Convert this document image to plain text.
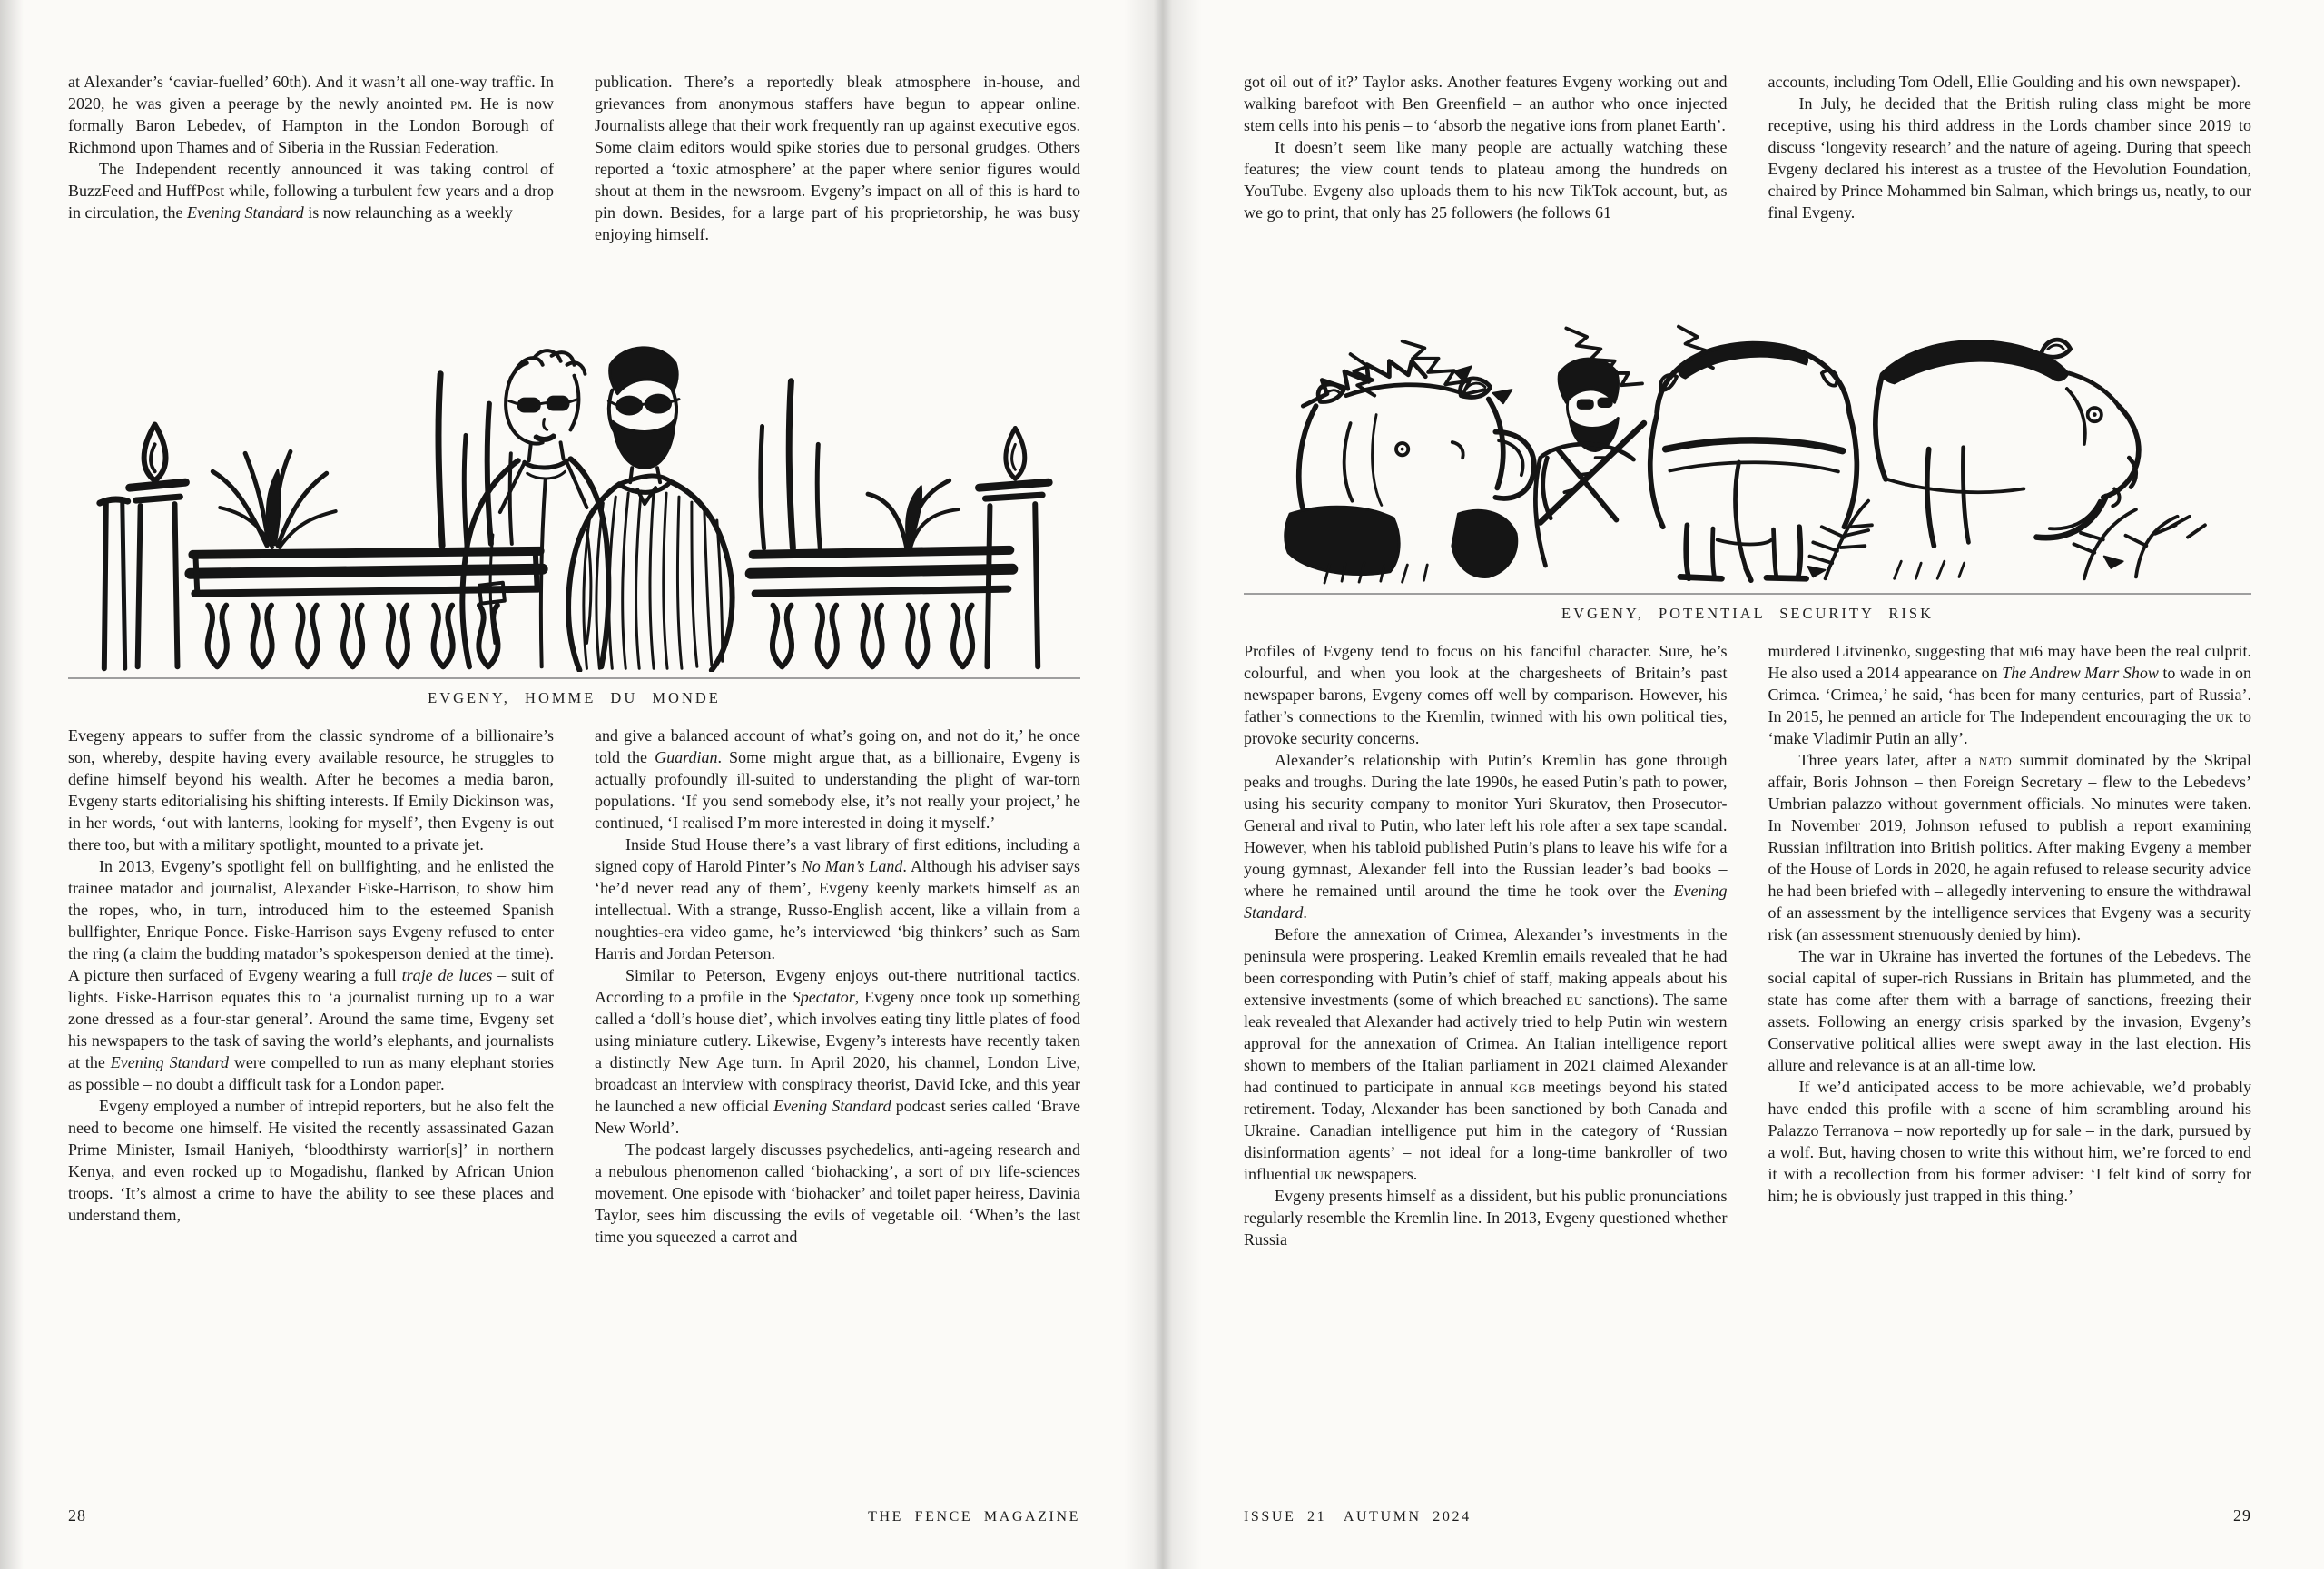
at Alexander’s ‘caviar-fuelled’ 60th). And it wasn’t all one-way traffic. In 2020, he was given a peerage by the newly anointed pm. He is now formally Baron Lebedev, of Hampton in the London Borough of Richmond upon Thames and of Siberia in the Russian Federation.

The Independent recently announced it was taking control of BuzzFeed and HuffPost while, following a turbulent few years and a drop in circulation, the Evening Standard is now relaunching as a weekly

publication. There’s a reportedly bleak atmosphere in-house, and grievances from anonymous staffers have begun to appear online. Journalists allege that their work frequently ran up against executive egos. Some claim editors would spike stories due to personal grudges. Others reported a ‘toxic atmosphere’ at the paper where senior figures would shout at them in the newsroom. Evgeny’s impact on all of this is hard to pin down. Besides, for a large part of his proprietorship, he was busy enjoying himself.

EVGENY, HOMME DU MONDE

Evegeny appears to suffer from the classic syndrome of a billionaire’s son, whereby, despite having every available resource, he struggles to define himself beyond his wealth. After he becomes a media baron, Evgeny starts editorialising his shifting interests. If Emily Dickinson was, in her words, ‘out with lanterns, looking for myself’, then Evgeny is out there too, but with a military spotlight, mounted to a private jet.

In 2013, Evgeny’s spotlight fell on bullfighting, and he enlisted the trainee matador and journalist, Alexander Fiske-Harrison, to show him the ropes, who, in turn, introduced him to the esteemed Spanish bullfighter, Enrique Ponce. Fiske-Harrison says Evgeny refused to enter the ring (a claim the budding matador’s spokesperson denied at the time). A picture then surfaced of Evgeny wearing a full traje de luces – suit of lights. Fiske-Harrison equates this to ‘a journalist turning up to a war zone dressed as a four-star general’. Around the same time, Evgeny set his newspapers to the task of saving the world’s elephants, and journalists at the Evening Standard were compelled to run as many elephant stories as possible – no doubt a difficult task for a London paper.

Evgeny employed a number of intrepid reporters, but he also felt the need to become one himself. He visited the recently assassinated Gazan Prime Minister, Ismail Haniyeh, ‘bloodthirsty warrior[s]’ in northern Kenya, and even rocked up to Mogadishu, flanked by African Union troops. ‘It’s almost a crime to have the ability to see these places and understand them,

and give a balanced account of what’s going on, and not do it,’ he once told the Guardian. Some might argue that, as a billionaire, Evgeny is actually profoundly ill-suited to understanding the plight of war-torn populations. ‘If you send somebody else, it’s not really your project,’ he continued, ‘I realised I’m more interested in doing it myself.’

Inside Stud House there’s a vast library of first editions, including a signed copy of Harold Pinter’s No Man’s Land. Although his adviser says ‘he’d never read any of them’, Evgeny keenly markets himself as an intellectual. With a strange, Russo-English accent, like a villain from a noughties-era video game, he’s interviewed ‘big thinkers’ such as Sam Harris and Jordan Peterson.

Similar to Peterson, Evgeny enjoys out-there nutritional tactics. According to a profile in the Spectator, Evgeny once took up something called a ‘doll’s house diet’, which involves eating tiny little plates of food using miniature cutlery. Likewise, Evgeny’s interests have recently taken a distinctly New Age turn. In April 2020, his channel, London Live, broadcast an interview with conspiracy theorist, David Icke, and this year he launched a new official Evening Standard podcast series called ‘Brave New World’.

The podcast largely discusses psychedelics, anti-ageing research and a nebulous phenomenon called ‘biohacking’, a sort of diy life-sciences movement. One episode with ‘biohacker’ and toilet paper heiress, Davinia Taylor, sees him discussing the evils of vegetable oil. ‘When’s the last time you squeezed a carrot and

28	THE FENCE MAGAZINE

got oil out of it?’ Taylor asks. Another features Evgeny working out and walking barefoot with Ben Greenfield – an author who once injected stem cells into his penis – to ‘absorb the negative ions from planet Earth’.

It doesn’t seem like many people are actually watching these features; the view count tends to plateau among the hundreds on YouTube. Evgeny also uploads them to his new TikTok account, but, as we go to print, that only has 25 followers (he follows 61

accounts, including Tom Odell, Ellie Goulding and his own newspaper).

In July, he decided that the British ruling class might be more receptive, using his third address in the Lords chamber since 2019 to discuss ‘longevity research’ and the nature of ageing. During that speech Evgeny declared his interest as a trustee of the Hevolution Foundation, chaired by Prince Mohammed bin Salman, which brings us, neatly, to our final Evgeny.

EVGENY, POTENTIAL SECURITY RISK

Profiles of Evgeny tend to focus on his fanciful character. Sure, he’s colourful, and when you look at the chargesheets of Britain’s past newspaper barons, Evgeny comes off well by comparison. However, his father’s connections to the Kremlin, twinned with his own political ties, provoke security concerns.

Alexander’s relationship with Putin’s Kremlin has gone through peaks and troughs. During the late 1990s, he eased Putin’s path to power, using his security company to monitor Yuri Skuratov, then Prosecutor-General and rival to Putin, who later left his role after a sex tape scandal. However, when his tabloid published Putin’s plans to leave his wife for a young gymnast, Alexander fell into the Russian leader’s bad books – where he remained until around the time he took over the Evening Standard.

Before the annexation of Crimea, Alexander’s investments in the peninsula were prospering. Leaked Kremlin emails revealed that he had been corresponding with Putin’s chief of staff, making appeals about his extensive investments (some of which breached eu sanctions). The same leak revealed that Alexander had actively tried to help Putin win western approval for the annexation of Crimea. An Italian intelligence report shown to members of the Italian parliament in 2021 claimed Alexander had continued to participate in annual kgb meetings beyond his stated retirement. Today, Alexander has been sanctioned by both Canada and Ukraine. Canadian intelligence put him in the category of ‘Russian disinformation agents’ – not ideal for a long-time bankroller of two influential uk newspapers.

Evgeny presents himself as a dissident, but his public pronunciations regularly resemble the Kremlin line. In 2013, Evgeny questioned whether Russia

murdered Litvinenko, suggesting that mi6 may have been the real culprit. He also used a 2014 appearance on The Andrew Marr Show to wade in on Crimea. ‘Crimea,’ he said, ‘has been for many centuries, part of Russia’. In 2015, he penned an article for The Independent encouraging the uk to ‘make Vladimir Putin an ally’.

Three years later, after a nato summit dominated by the Skripal affair, Boris Johnson – then Foreign Secretary – flew to the Lebedevs’ Umbrian palazzo without government officials. No minutes were taken. In November 2019, Johnson refused to publish a report examining Russian infiltration into British politics. After making Evgeny a member of the House of Lords in 2020, he again refused to release security advice he had been briefed with – allegedly intervening to ensure the withdrawal of an assessment by the intelligence services that Evgeny was a security risk (an assessment strenuously denied by him).

The war in Ukraine has inverted the fortunes of the Lebedevs. The social capital of super-rich Russians in Britain has plummeted, and the state has come after them with a barrage of sanctions, freezing their assets. Following an energy crisis sparked by the invasion, Evgeny’s Conservative political allies were swept away in the last election. His allure and relevance is at an all-time low.

If we’d anticipated access to be more achievable, we’d probably have ended this profile with a scene of him scrambling around his Palazzo Terranova – now reportedly up for sale – in the dark, pursued by a wolf. But, having chosen to write this without him, we’re forced to end it with a recollection from his former adviser: ‘I felt kind of sorry for him; he is obviously just trapped in this thing.’

ISSUE 21 AUTUMN 2024	29
